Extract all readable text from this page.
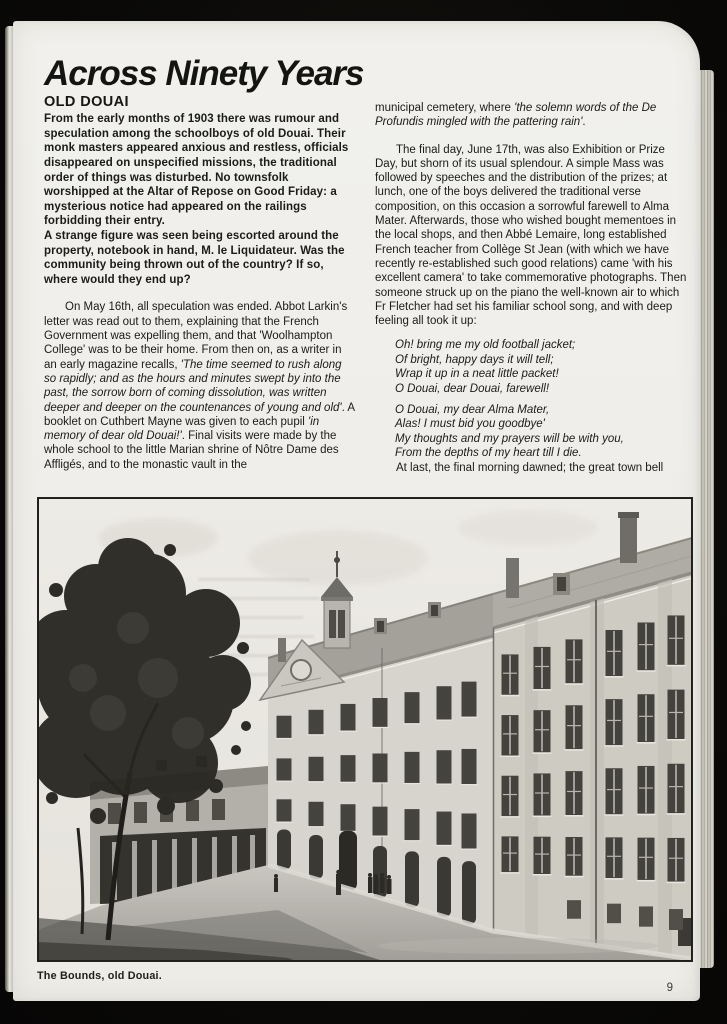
Across Ninety Years
OLD DOUAI

From the early months of 1903 there was rumour and speculation among the schoolboys of old Douai. Their monk masters appeared anxious and restless, officials disappeared on unspecified missions, the traditional order of things was disturbed. No townsfolk worshipped at the Altar of Repose on Good Friday: a mysterious notice had appeared on the railings forbidding their entry.

A strange figure was seen being escorted around the property, notebook in hand, M. le Liquidateur. Was the community being thrown out of the country? If so, where would they end up?

On May 16th, all speculation was ended. Abbot Larkin's letter was read out to them, explaining that the French Government was expelling them, and that 'Woolhampton College' was to be their home. From then on, as a writer in an early magazine recalls, 'The time seemed to rush along so rapidly; and as the hours and minutes swept by into the past, the sorrow born of coming dissolution, was written deeper and deeper on the countenances of young and old'. A booklet on Cuthbert Mayne was given to each pupil 'in memory of dear old Douai!'. Final visits were made by the whole school to the little Marian shrine of Nôtre Dame des Affligés, and to the monastic vault in the

municipal cemetery, where 'the solemn words of the De Profundis mingled with the pattering rain'.

The final day, June 17th, was also Exhibition or Prize Day, but shorn of its usual splendour. A simple Mass was followed by speeches and the distribution of the prizes; at lunch, one of the boys delivered the traditional verse composition, on this occasion a sorrowful farewell to Alma Mater. Afterwards, those who wished bought mementoes in the local shops, and then Abbé Lemaire, long established French teacher from Collège St Jean (with which we have recently re-established such good relations) came 'with his excellent camera' to take commemorative photographs. Then someone struck up on the piano the well-known air to which Fr Fletcher had set his familiar school song, and with deep feeling all took it up:

Oh! bring me my old football jacket;
Of bright, happy days it will tell;
Wrap it up in a neat little packet!
O Douai, dear Douai, farewell!
O Douai, my dear Alma Mater,
Alas! I must bid you goodbye'
My thoughts and my prayers will be with you,
From the depths of my heart till I die.

At last, the final morning dawned; the great town bell

The Bounds, old Douai.
9
